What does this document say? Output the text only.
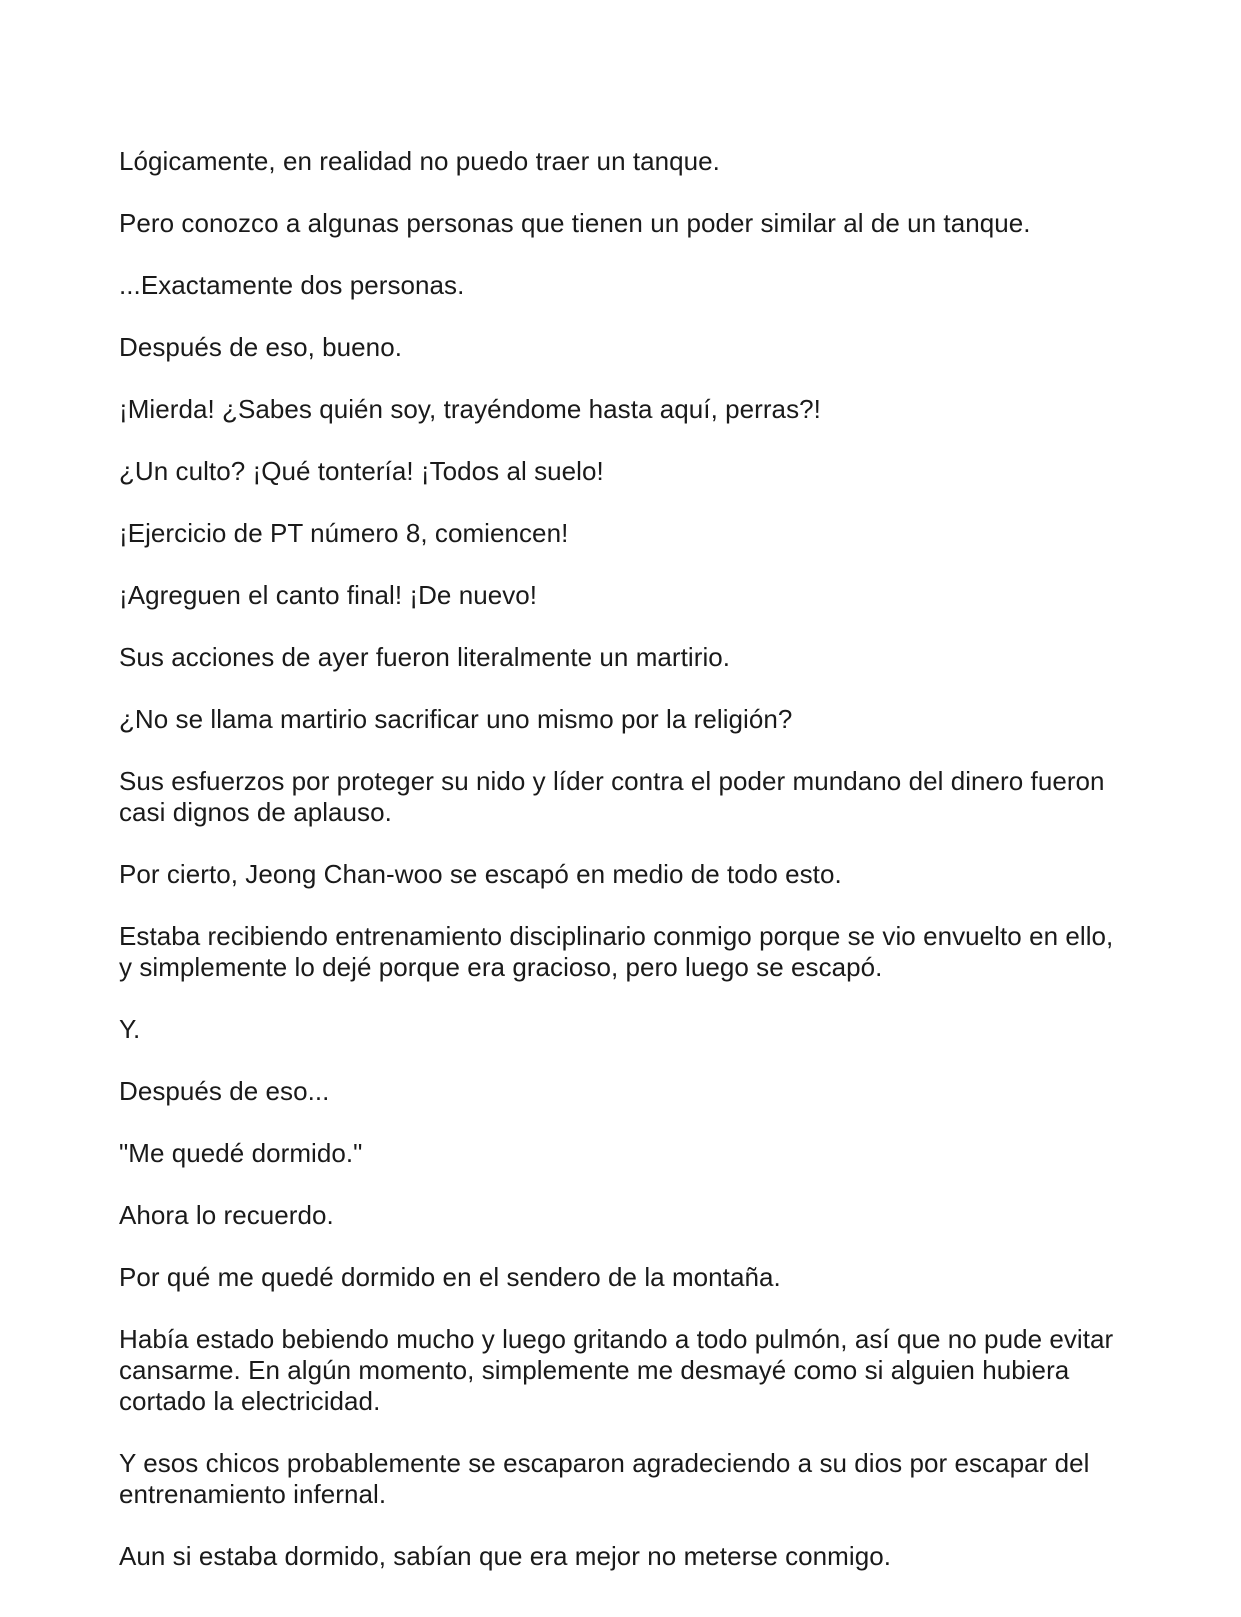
Lógicamente, en realidad no puedo traer un tanque.

Pero conozco a algunas personas que tienen un poder similar al de un tanque.

...Exactamente dos personas.

Después de eso, bueno.

¡Mierda! ¿Sabes quién soy, trayéndome hasta aquí, perras?!

¿Un culto? ¡Qué tontería! ¡Todos al suelo!

¡Ejercicio de PT número 8, comiencen!

¡Agreguen el canto final! ¡De nuevo!

Sus acciones de ayer fueron literalmente un martirio.

¿No se llama martirio sacrificar uno mismo por la religión?

Sus esfuerzos por proteger su nido y líder contra el poder mundano del dinero fueron casi dignos de aplauso.

Por cierto, Jeong Chan-woo se escapó en medio de todo esto.

Estaba recibiendo entrenamiento disciplinario conmigo porque se vio envuelto en ello, y simplemente lo dejé porque era gracioso, pero luego se escapó.

Y.

Después de eso...

"Me quedé dormido."

Ahora lo recuerdo.

Por qué me quedé dormido en el sendero de la montaña.

Había estado bebiendo mucho y luego gritando a todo pulmón, así que no pude evitar cansarme. En algún momento, simplemente me desmayé como si alguien hubiera cortado la electricidad.

Y esos chicos probablemente se escaparon agradeciendo a su dios por escapar del entrenamiento infernal.

Aun si estaba dormido, sabían que era mejor no meterse conmigo.
